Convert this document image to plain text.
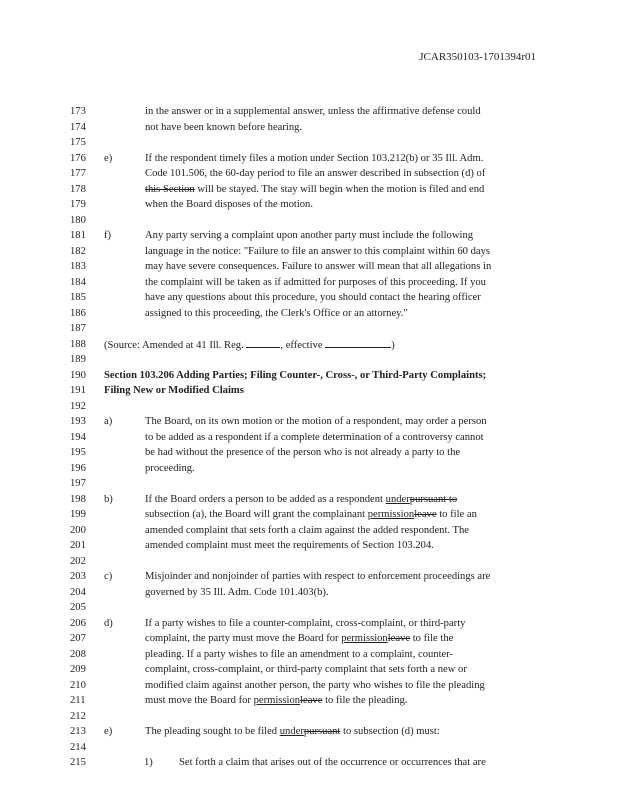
JCAR350103-1701394r01
173	in the answer or in a supplemental answer, unless the affirmative defense could
174	not have been known before hearing.
175
176	e)	If the respondent timely files a motion under Section 103.212(b) or 35 Ill. Adm.
177	Code 101.506, the 60-day period to file an answer described in subsection (d) of
178	this Section will be stayed. The stay will begin when the motion is filed and end
179	when the Board disposes of the motion.
180
181	f)	Any party serving a complaint upon another party must include the following
182	language in the notice: "Failure to file an answer to this complaint within 60 days
183	may have severe consequences. Failure to answer will mean that all allegations in
184	the complaint will be taken as if admitted for purposes of this proceeding. If you
185	have any questions about this procedure, you should contact the hearing officer
186	assigned to this proceeding, the Clerk's Office or an attorney."
187
188	(Source: Amended at 41 Ill. Reg.	, effective	)
189
190	Section 103.206 Adding Parties; Filing Counter-, Cross-, or Third-Party Complaints;
191	Filing New or Modified Claims
192
193	a)	The Board, on its own motion or the motion of a respondent, may order a person
194	to be added as a respondent if a complete determination of a controversy cannot
195	be had without the presence of the person who is not already a party to the
196	proceeding.
197
198	b)	If the Board orders a person to be added as a respondent underpursuant to
199	subsection (a), the Board will grant the complainant permissionleave to file an
200	amended complaint that sets forth a claim against the added respondent. The
201	amended complaint must meet the requirements of Section 103.204.
202
203	c)	Misjoinder and nonjoinder of parties with respect to enforcement proceedings are
204	governed by 35 Ill. Adm. Code 101.403(b).
205
206	d)	If a party wishes to file a counter-complaint, cross-complaint, or third-party
207	complaint, the party must move the Board for permissionleave to file the
208	pleading. If a party wishes to file an amendment to a complaint, counter-
209	complaint, cross-complaint, or third-party complaint that sets forth a new or
210	modified claim against another person, the party who wishes to file the pleading
211	must move the Board for permissionleave to file the pleading.
212
213	e)	The pleading sought to be filed underpursuant to subsection (d) must:
214
215	1) Set forth a claim that arises out of the occurrence or occurrences that are
